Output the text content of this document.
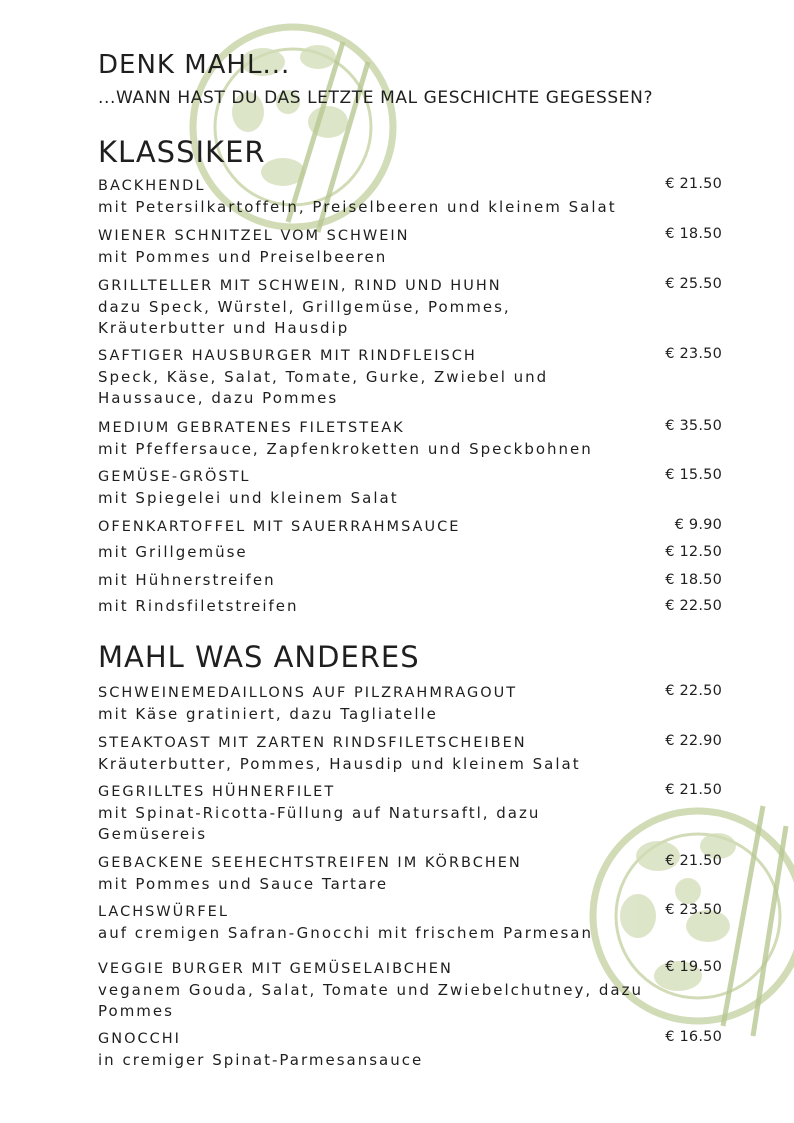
DENK MAHL...
...WANN HAST DU DAS LETZTE MAL GESCHICHTE GEGESSEN?
KLASSIKER
BACKHENDL
mit Petersilkartoffeln, Preiselbeeren und kleinem Salat
€ 21.50
WIENER SCHNITZEL VOM SCHWEIN
mit Pommes und Preiselbeeren
€ 18.50
GRILLTELLER MIT SCHWEIN, RIND UND HUHN
dazu Speck, Würstel, Grillgemüse, Pommes, Kräuterbutter und Hausdip
€ 25.50
SAFTIGER HAUSBURGER MIT RINDFLEISCH
Speck, Käse, Salat, Tomate, Gurke, Zwiebel und Haussauce, dazu Pommes
€ 23.50
MEDIUM GEBRATENES FILETSTEAK
mit Pfeffersauce, Zapfenkroketten und Speckbohnen
€ 35.50
GEMÜSE-GRÖSTL
mit Spiegelei und kleinem Salat
€ 15.50
OFENKARTOFFEL MIT SAUERRAHMSAUCE	€ 9.90
mit Grillgemüse	€ 12.50
mit Hühnerstreifen	€ 18.50
mit Rindsfiletstreifen	€ 22.50
MAHL WAS ANDERES
SCHWEINEMEDAILLONS AUF PILZRAHMRAGOUT
mit Käse gratiniert, dazu Tagliatelle
€ 22.50
STEAKTOAST MIT ZARTEN RINDSFILETSCHEIBEN
Kräuterbutter, Pommes, Hausdip und kleinem Salat
€ 22.90
GEGRILLTES HÜHNERFILET
mit Spinat-Ricotta-Füllung auf Natursaftl, dazu Gemüsereis
€ 21.50
GEBACKENE SEEHECHTSTREIFEN IM KÖRBCHEN
mit Pommes und Sauce Tartare
€ 21.50
LACHSWÜRFEL
auf cremigen Safran-Gnocchi mit frischem Parmesan
€ 23.50
VEGGIE BURGER MIT GEMÜSELAIBCHEN
veganem Gouda, Salat, Tomate und Zwiebelchutney, dazu Pommes
€ 19.50
GNOCCHI
in cremiger Spinat-Parmesansauce
€ 16.50
